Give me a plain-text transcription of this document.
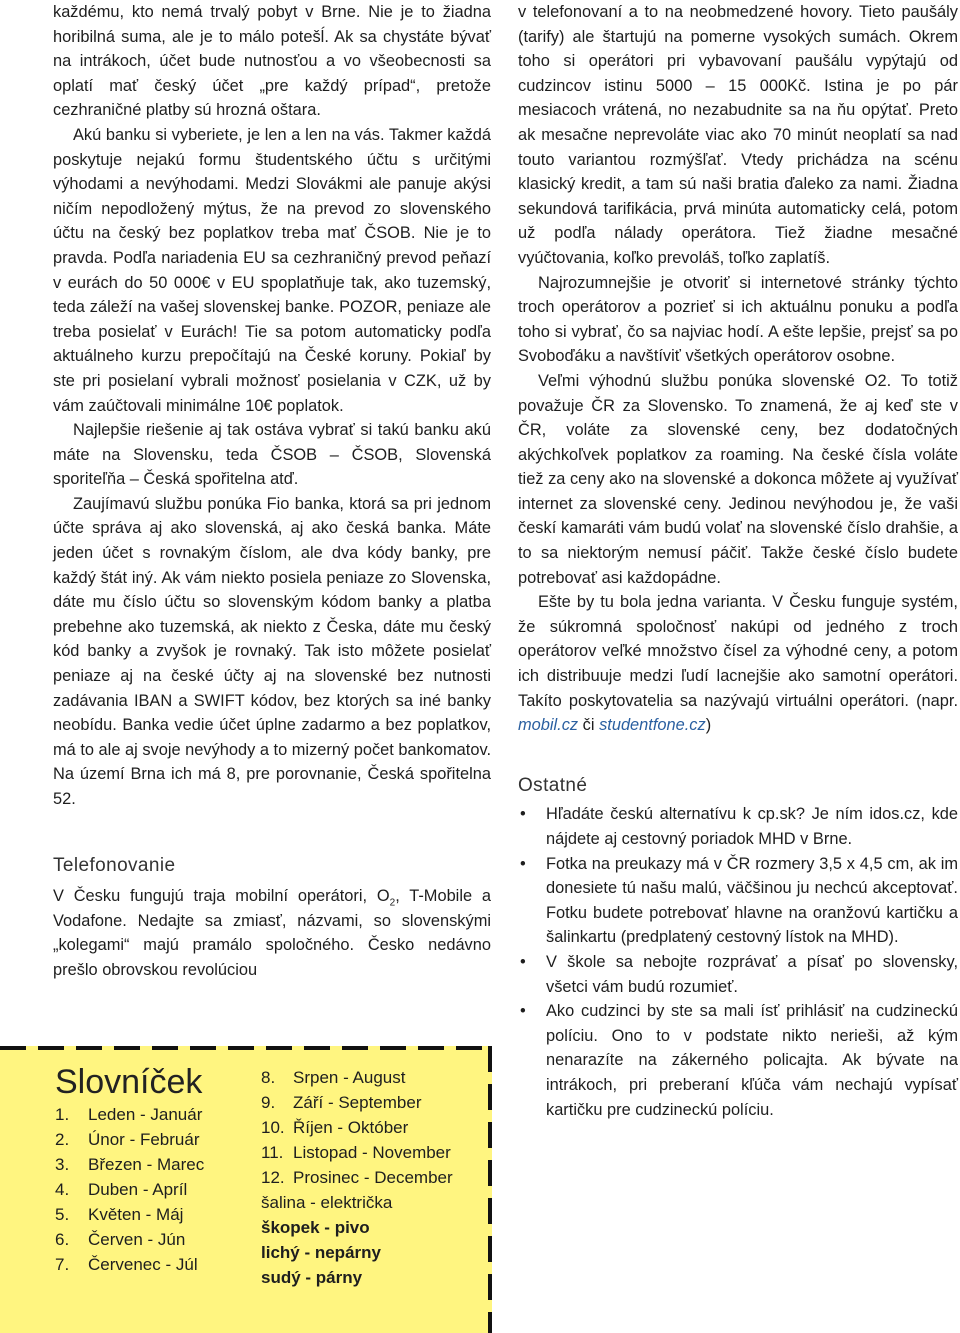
každému, kto nemá trvalý pobyt v Brne. Nie je to žiadna horibilná suma, ale je to málo potešĺ. Ak sa chystáte bývať na intrákoch, účet bude nutnosťou a vo všeobecnosti sa oplatí mať český účet „pre každý prípad“, pretože cezhraničné platby sú hrozná oštara.

Akú banku si vyberiete, je len a len na vás. Takmer každá poskytuje nejakú formu študentského účtu s určitými výhodami a nevýhodami. Medzi Slovákmi ale panuje akýsi ničím nepodložený mýtus, že na prevod zo slovenského účtu na český bez poplatkov treba mať ČSOB. Nie je to pravda. Podľa nariadenia EU sa cezhraničný prevod peňazí v eurách do 50 000€ v EU spoplatňuje tak, ako tuzemský, teda záleží na vašej slovenskej banke. POZOR, peniaze ale treba posielať v Eurách! Tie sa potom automaticky podľa aktuálneho kurzu prepočítajú na České koruny. Pokiaľ by ste pri posielaní vybrali možnosť posielania v CZK, už by vám zaúčtovali minimálne 10€ poplatok.

Najlepšie riešenie aj tak ostáva vybrať si takú banku akú máte na Slovensku, teda ČSOB – ČSOB, Slovenská sporiteľňa – Česká spořitelna atď.

Zaujímavú službu ponúka Fio banka, ktorá sa pri jednom účte správa aj ako slovenská, aj ako česká banka. Máte jeden účet s rovnakým číslom, ale dva kódy banky, pre každý štát iný. Ak vám niekto posiela peniaze zo Slovenska, dáte mu číslo účtu so slovenským kódom banky a platba prebehne ako tuzemská, ak niekto z Česka, dáte mu český kód banky a zvyšok je rovnaký. Tak isto môžete posielať peniaze aj na české účty aj na slovenské bez nutnosti zadávania IBAN a SWIFT kódov, bez ktorých sa iné banky neobídu. Banka vedie účet úplne zadarmo a bez poplatkov, má to ale aj svoje nevýhody a to mizerný počet bankomatov. Na území Brna ich má 8, pre porovnanie, Česká spořitelna 52.

Telefonovanie

V Česku fungujú traja mobilní operátori, $O_2$, T-Mobile a Vodafone. Nedajte sa zmiasť, názvami, so slovenskými „kolegami“ majú pramálo spoločného. Česko nedávno prešlo obrovskou revolúciou

v telefonovaní a to na neobmedzené hovory. Tieto paušály (tarify) ale štartujú na pomerne vysokých sumách. Okrem toho si operátori pri vybavovaní paušálu vypýtajú od cudzincov istinu 5000 – 15 000Kč. Istina je po pár mesiacoch vrátená, no nezabudnite sa na ňu opýtať. Preto ak mesačne neprevoláte viac ako 70 minút neoplatí sa nad touto variantou rozmýšľať. Vtedy prichádza na scénu klasický kredit, a tam sú naši bratia ďaleko za nami. Žiadna sekundová tarifikácia, prvá minúta automaticky celá, potom už podľa nálady operátora. Tiež žiadne mesačné vyúčtovania, koľko prevoláš, toľko zaplatíš.

Najrozumnejšie je otvoriť si internetové stránky týchto troch operátorov a pozrieť si ich aktuálnu ponuku a podľa toho si vybrať, čo sa najviac hodí. A ešte lepšie, prejsť sa po Svoboďáku a navštíviť všetkých operátorov osobne.

Veľmi výhodnú službu ponúka slovenské O2. To totiž považuje ČR za Slovensko. To znamená, že aj keď ste v ČR, voláte za slovenské ceny, bez dodatočných akýchkoľvek poplatkov za roaming. Na české čísla voláte tiež za ceny ako na slovenské a dokonca môžete aj využívať internet za slovenské ceny. Jedinou nevýhodou je, že vaši českí kamaráti vám budú volať na slovenské číslo drahšie, a to sa niektorým nemusí páčiť. Takže české číslo budete potrebovať asi každopádne.

Ešte by tu bola jedna varianta. V Česku funguje systém, že súkromná spoločnosť nakúpi od jedného z troch operátorov veľké množstvo čísel za výhodné ceny, a potom ich distribuuje medzi ľudí lacnejšie ako samotní operátori. Takíto poskytovatelia sa nazývajú virtuálni operátori. (napr. mobil.cz či studentfone.cz)

Ostatné
• Hľadáte českú alternatívu k cp.sk? Je ním idos.cz, kde nájdete aj cestovný poriadok MHD v Brne.
• Fotka na preukazy má v ČR rozmery 3,5 x 4,5 cm, ak im donesiete tú našu malú, väčšinou ju nechcú akceptovať. Fotku budete potrebovať hlavne na oranžovú kartičku a šalinkartu (predplatený cestovný lístok na MHD).
• V škole sa nebojte rozprávať a písať po slovensky, všetci vám budú rozumieť.
• Ako cudzinci by ste sa mali ísť prihlásiť na cudzineckú políciu. Ono to v podstate nikto nerieši, až kým nenarazíte na zákerného policajta. Ak bývate na intrákoch, pri preberaní kľúča vám nechajú vypísať kartičku pre cudzineckú políciu.
Slovníček
1.	Leden - Január
2.	Únor - Február
3.	Březen - Marec
4.	Duben - Apríl
5.	Květen - Máj
6.	Červen - Jún
7.	Červenec - Júl
8.	Srpen - August
9.	Září - September
10. Říjen - Október
11. Listopad - November
12. Prosinec - December
šalina - električka
škopek - pivo
lichý - nepárny
sudý - párny
